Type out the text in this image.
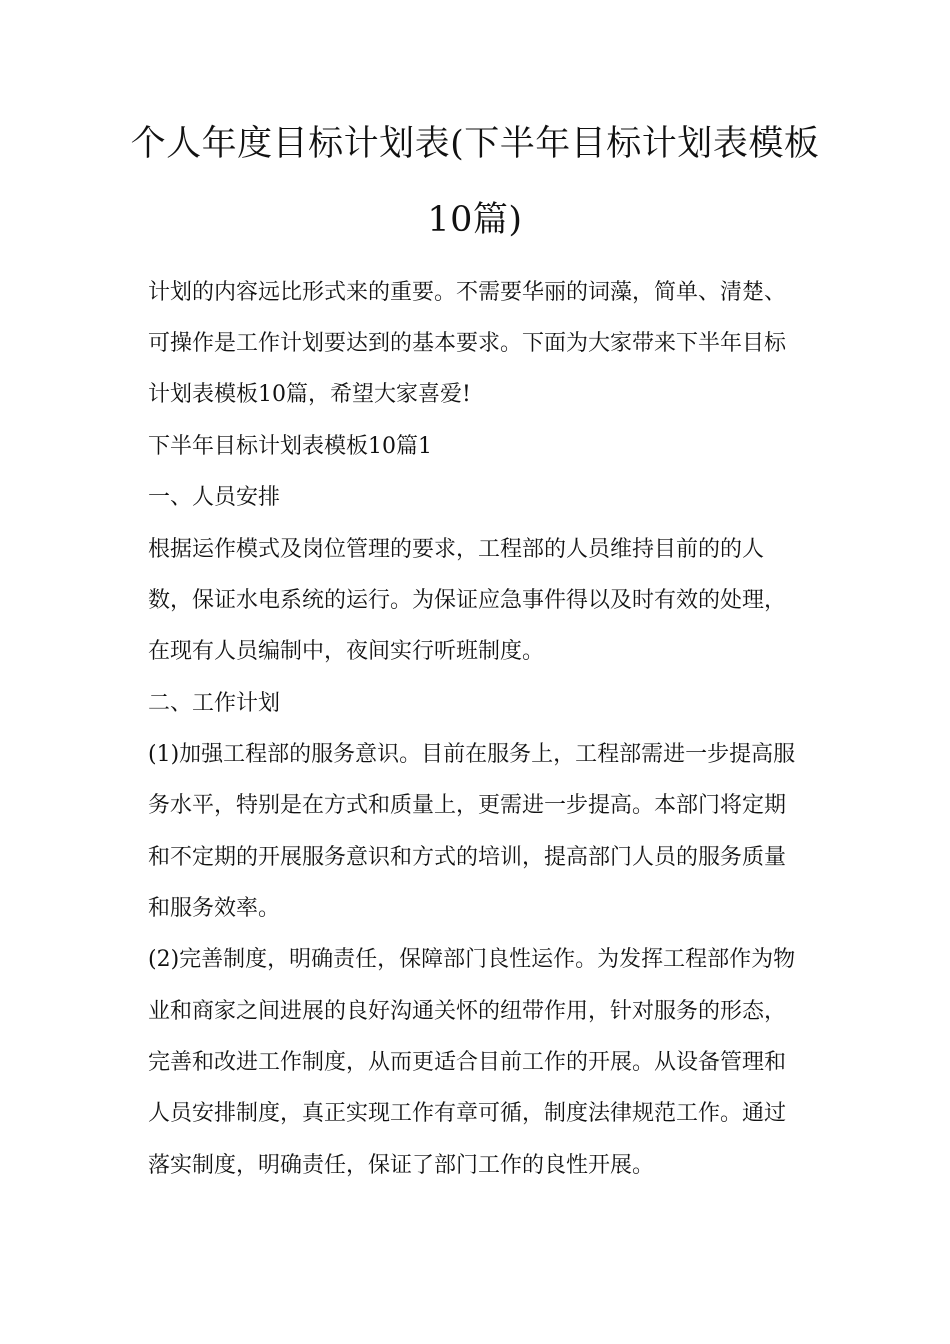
个人年度目标计划表(下半年目标计划表模板
10篇)
计划的内容远比形式来的重要。不需要华丽的词藻，简单、清楚、
可操作是工作计划要达到的基本要求。下面为大家带来下半年目标
计划表模板10篇，希望大家喜爱!
下半年目标计划表模板10篇1
一、人员安排
根据运作模式及岗位管理的要求，工程部的人员维持目前的的人
数，保证水电系统的运行。为保证应急事件得以及时有效的处理，
在现有人员编制中，夜间实行听班制度。
二、工作计划
(1)加强工程部的服务意识。目前在服务上，工程部需进一步提高服
务水平，特别是在方式和质量上，更需进一步提高。本部门将定期
和不定期的开展服务意识和方式的培训，提高部门人员的服务质量
和服务效率。
(2)完善制度，明确责任，保障部门良性运作。为发挥工程部作为物
业和商家之间进展的良好沟通关怀的纽带作用，针对服务的形态，
完善和改进工作制度，从而更适合目前工作的开展。从设备管理和
人员安排制度，真正实现工作有章可循，制度法律规范工作。通过
落实制度，明确责任，保证了部门工作的良性开展。
